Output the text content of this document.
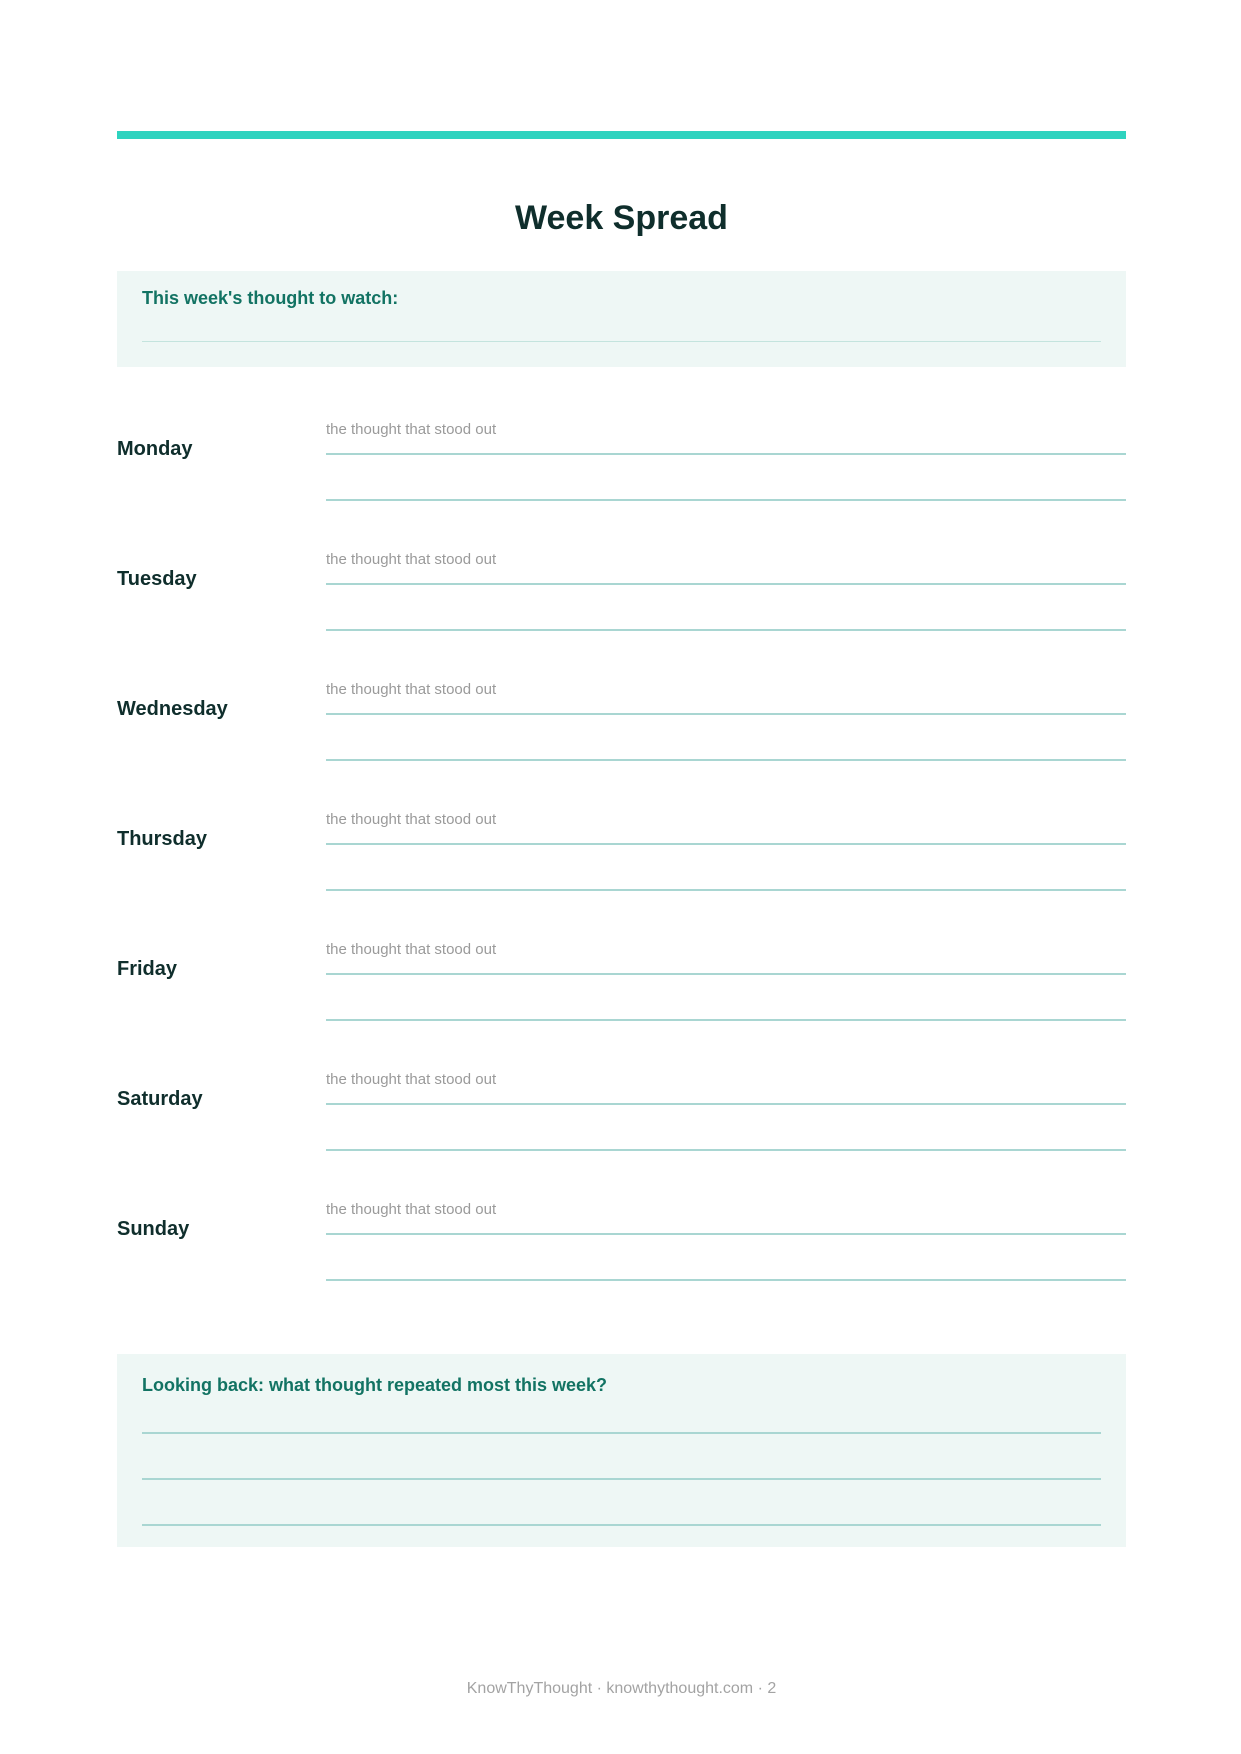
Week Spread
This week's thought to watch:
Monday
the thought that stood out
Tuesday
the thought that stood out
Wednesday
the thought that stood out
Thursday
the thought that stood out
Friday
the thought that stood out
Saturday
the thought that stood out
Sunday
the thought that stood out
Looking back: what thought repeated most this week?
KnowThyThought · knowthythought.com · 2
